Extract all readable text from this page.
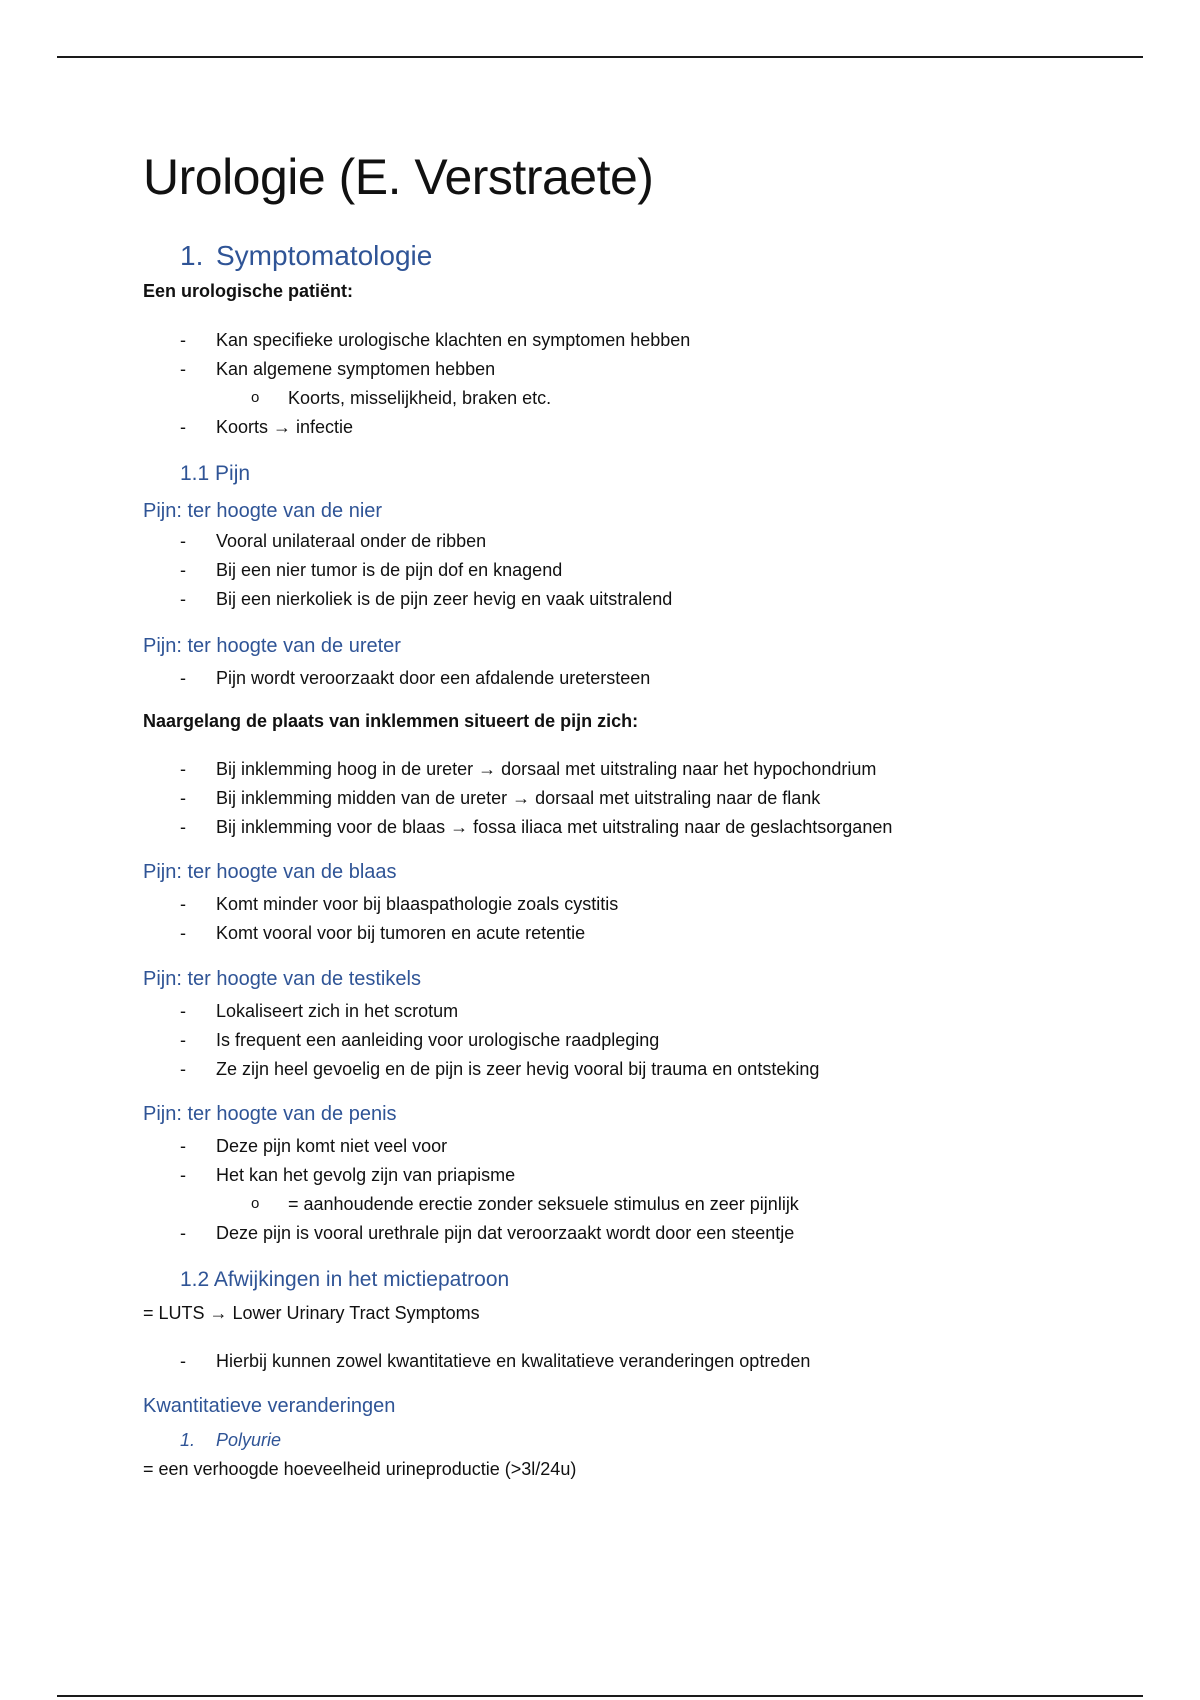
Urologie (E. Verstraete)
1. Symptomatologie
Een urologische patiënt:
- Kan specifieke urologische klachten en symptomen hebben
- Kan algemene symptomen hebben
o Koorts, misselijkheid, braken etc.
- Koorts → infectie
1.1 Pijn
Pijn: ter hoogte van de nier
- Vooral unilateraal onder de ribben
- Bij een nier tumor is de pijn dof en knagend
- Bij een nierkoliek is de pijn zeer hevig en vaak uitstralend
Pijn: ter hoogte van de ureter
- Pijn wordt veroorzaakt door een afdalende uretersteen
Naargelang de plaats van inklemmen situeert de pijn zich:
- Bij inklemming hoog in de ureter → dorsaal met uitstraling naar het hypochondrium
- Bij inklemming midden van de ureter → dorsaal met uitstraling naar de flank
- Bij inklemming voor de blaas → fossa iliaca met uitstraling naar de geslachtsorganen
Pijn: ter hoogte van de blaas
- Komt minder voor bij blaaspathologie zoals cystitis
- Komt vooral voor bij tumoren en acute retentie
Pijn: ter hoogte van de testikels
- Lokaliseert zich in het scrotum
- Is frequent een aanleiding voor urologische raadpleging
- Ze zijn heel gevoelig en de pijn is zeer hevig vooral bij trauma en ontsteking
Pijn: ter hoogte van de penis
- Deze pijn komt niet veel voor
- Het kan het gevolg zijn van priapisme
o = aanhoudende erectie zonder seksuele stimulus en zeer pijnlijk
- Deze pijn is vooral urethrale pijn dat veroorzaakt wordt door een steentje
1.2 Afwijkingen in het mictiepatroon
= LUTS → Lower Urinary Tract Symptoms
- Hierbij kunnen zowel kwantitatieve en kwalitatieve veranderingen optreden
Kwantitatieve veranderingen
1. Polyurie
= een verhoogde hoeveelheid urineproductie (>3l/24u)
